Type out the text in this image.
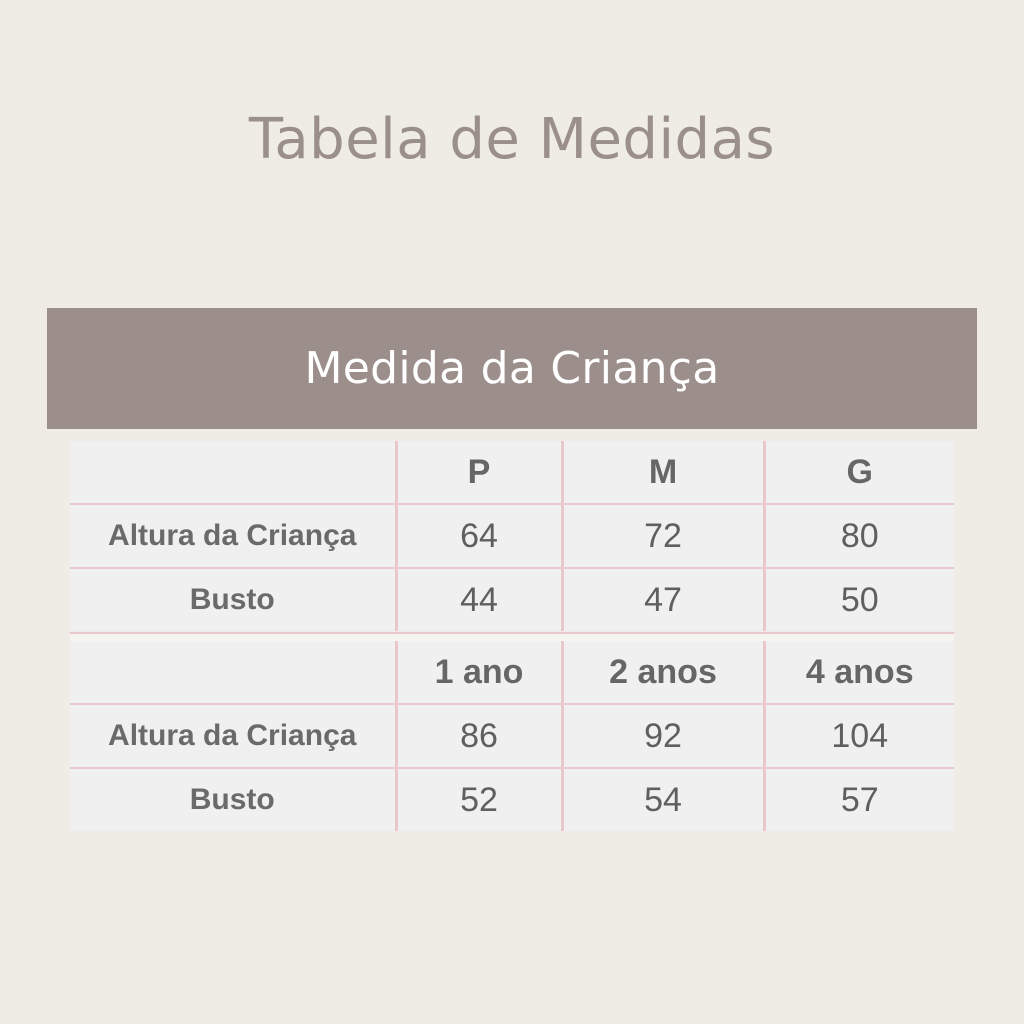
Tabela de Medidas
Medida da Criança
	P	M	G
Altura da Criança	64	72	80
Busto	44	47	50
	1 ano	2 anos	4 anos
Altura da Criança	86	92	104
Busto	52	54	57
